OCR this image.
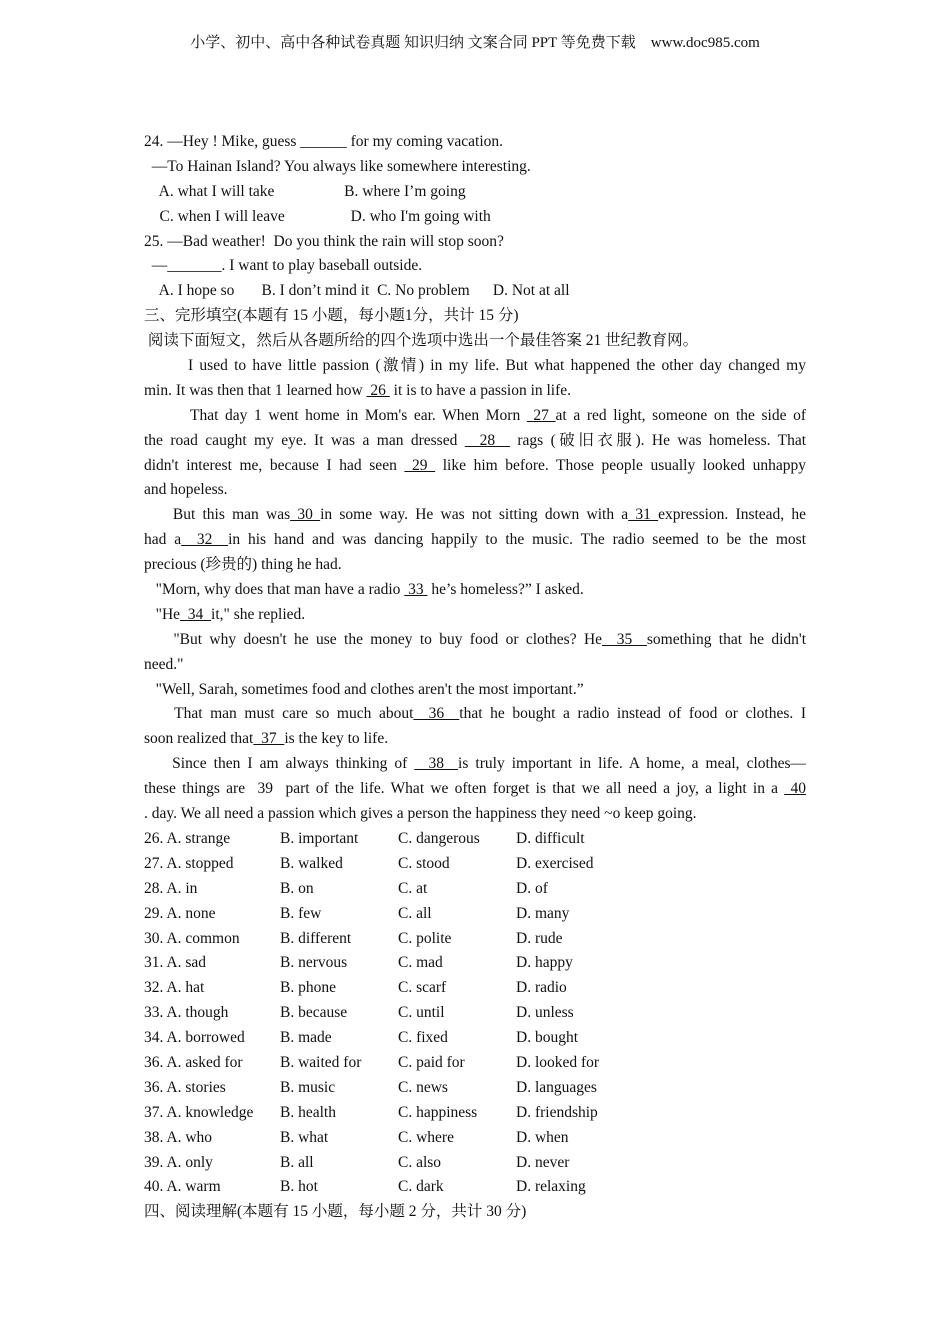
小学、初中、高中各种试卷真题 知识归纳 文案合同 PPT 等免费下载    www.doc985.com
24. —Hey ! Mike, guess ______ for my coming vacation.
—To Hainan Island? You always like somewhere interesting.
A. what I will take                  B. where I’m going
C. when I will leave                 D. who I'm going with
25. —Bad weather!  Do you think the rain will stop soon?
—_______. I want to play baseball outside.
A. I hope so       B. I don’t mind it  C. No problem      D. Not at all
三、完形填空(本题有 15 小题，每小题1分，共计 15 分)
阅读下面短文，然后从各题所给的四个选项中选出一个最佳答案 21 世纪教育网。
I used to have little passion (激情) in my life. But what happened the other day changed my
min. It was then that 1 learned how  26  it is to have a passion in life.
That day 1 went home in Mom's ear. When Morn  27 at a red light, someone on the side of
the road caught my eye. It was a man dressed   28   rags (破旧衣服). He was homeless. That
didn't interest me, because I had seen  29  like him before. Those people usually looked unhappy
and hopeless.
But this man was 30 in some way. He was not sitting down with a 31 expression. Instead, he
had a  32  in his hand and was dancing happily to the music. The radio seemed to be the most
precious (珍贵的) thing he had.
"Morn, why does that man have a radio  33  he’s homeless?” I asked.
"He  34  it," she replied.
"But why doesn't he use the money to buy food or clothes? He  35  something that he didn't
need."
"Well, Sarah, sometimes food and clothes aren't the most important.”
That man must care so much about  36  that he bought a radio instead of food or clothes. I
soon realized that  37  is the key to life.
Since then I am always thinking of   38  is truly important in life. A home, a meal, clothes—
these things are  39  part of the life. What we often forget is that we all need a joy, a light in a  40
. day. We all need a passion which gives a person the happiness they need ~o keep going.
26. A. strange	B. important	C. dangerous	D. difficult
27. A. stopped	B. walked	C. stood	D. exercised
28. A. in	B. on	C. at	D. of
29. A. none	B. few	C. all	D. many
30. A. common	B. different	C. polite	D. rude
31. A. sad	B. nervous	C. mad	D. happy
32. A. hat	B. phone	C. scarf	D. radio
33. A. though	B. because	C. until	D. unless
34. A. borrowed	B. made	C. fixed	D. bought
36. A. asked for	B. waited for	C. paid for	D. looked for
36. A. stories	B. music	C. news	D. languages
37. A. knowledge	B. health	C. happiness	D. friendship
38. A. who	B. what	C. where	D. when
39. A. only	B. all	C. also	D. never
40. A. warm	B. hot	C. dark	D. relaxing
四、阅读理解(本题有 15 小题，每小题 2 分，共计 30 分)
